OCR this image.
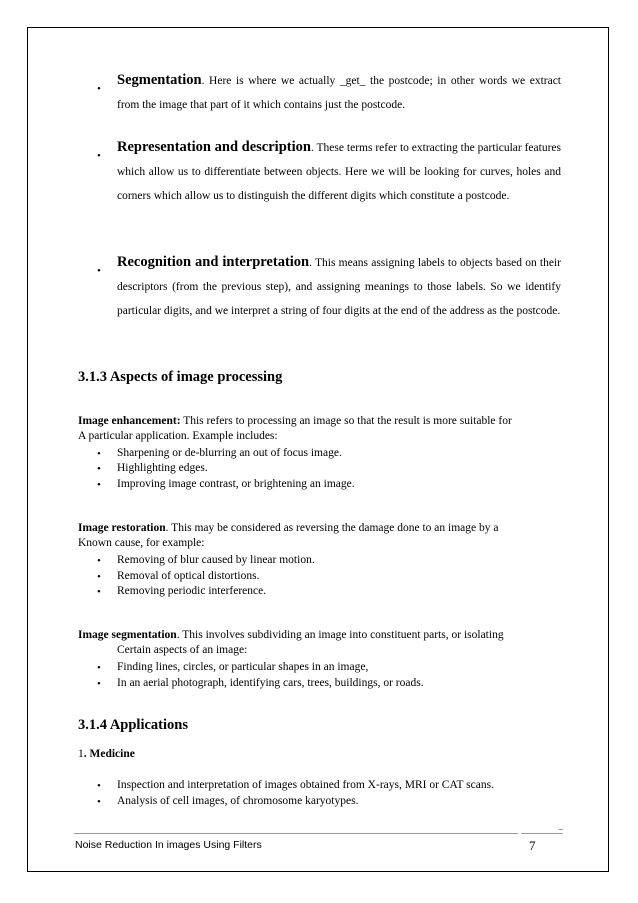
•
Segmentation. Here is where we actually _get_ the postcode; in other words we extract from the image that part of it which contains just the postcode.
•
Representation and description. These terms refer to extracting the particular features which allow us to differentiate between objects. Here we will be looking for curves, holes and corners which allow us to distinguish the different digits which constitute a postcode.
•
Recognition and interpretation. This means assigning labels to objects based on their descriptors (from the previous step), and assigning meanings to those labels. So we identify particular digits, and we interpret a string of four digits at the end of the address as the postcode.
3.1.3 Aspects of image processing
Image enhancement: This refers to processing an image so that the result is more suitable for
A particular application. Example includes:
• Sharpening or de-blurring an out of focus image.
• Highlighting edges.
• Improving image contrast, or brightening an image.
Image restoration. This may be considered as reversing the damage done to an image by a
Known cause, for example:
• Removing of blur caused by linear motion.
• Removal of optical distortions.
• Removing periodic interference.
Image segmentation. This involves subdividing an image into constituent parts, or isolating
Certain aspects of an image:
• Finding lines, circles, or particular shapes in an image,
• In an aerial photograph, identifying cars, trees, buildings, or roads.
3.1.4 Applications
1. Medicine
• Inspection and interpretation of images obtained from X-rays, MRI or CAT scans.
• Analysis of cell images, of chromosome karyotypes.
Noise Reduction In images Using Filters	7
